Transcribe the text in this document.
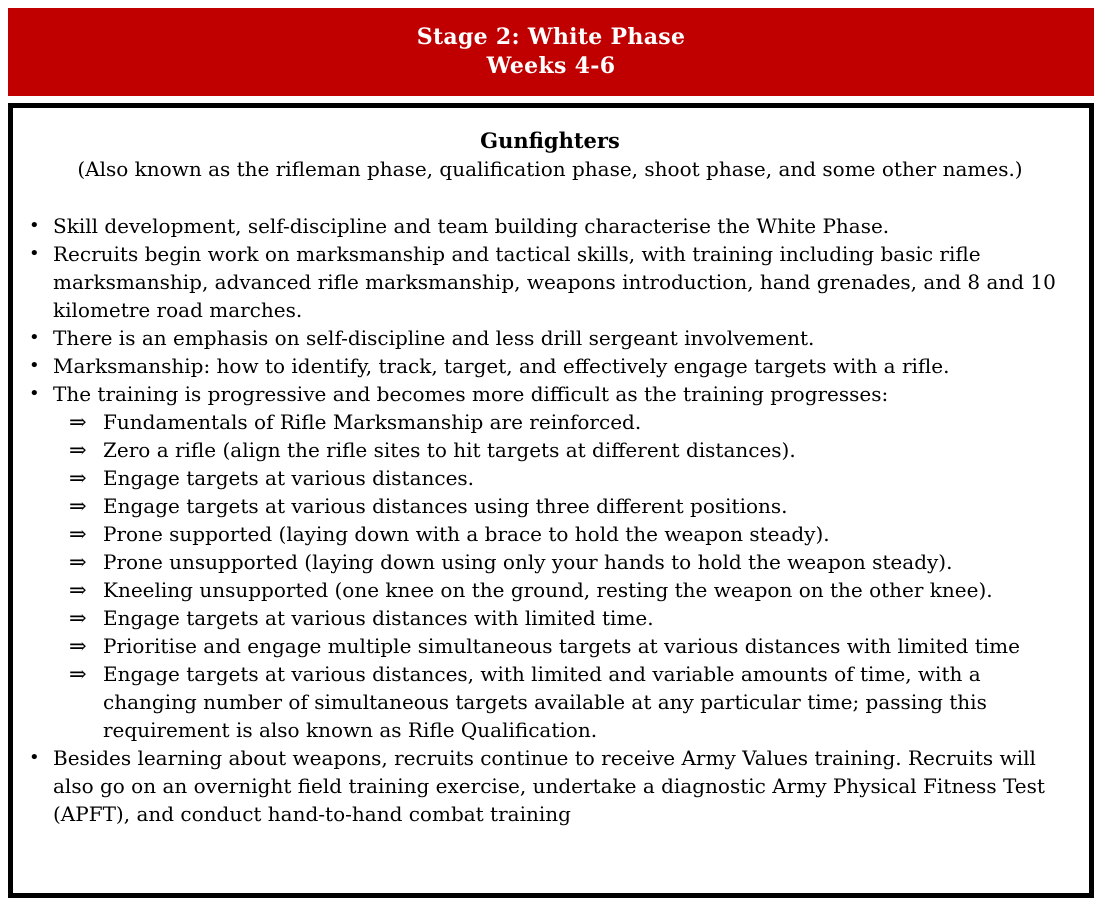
Stage 2: White Phase
Weeks 4-6
Gunfighters

(Also known as the rifleman phase, qualification phase, shoot phase, and some other names.)

• Skill development, self-discipline and team building characterise the White Phase.
• Recruits begin work on marksmanship and tactical skills, with training including basic rifle marksmanship, advanced rifle marksmanship, weapons introduction, hand grenades, and 8 and 10 kilometre road marches.
• There is an emphasis on self-discipline and less drill sergeant involvement.
• Marksmanship: how to identify, track, target, and effectively engage targets with a rifle.
• The training is progressive and becomes more difficult as the training progresses:
⇒ Fundamentals of Rifle Marksmanship are reinforced.
⇒ Zero a rifle (align the rifle sites to hit targets at different distances).
⇒ Engage targets at various distances.
⇒ Engage targets at various distances using three different positions.
⇒ Prone supported (laying down with a brace to hold the weapon steady).
⇒ Prone unsupported (laying down using only your hands to hold the weapon steady).
⇒ Kneeling unsupported (one knee on the ground, resting the weapon on the other knee).
⇒ Engage targets at various distances with limited time.
⇒ Prioritise and engage multiple simultaneous targets at various distances with limited time
⇒ Engage targets at various distances, with limited and variable amounts of time, with a changing number of simultaneous targets available at any particular time; passing this requirement is also known as Rifle Qualification.
• Besides learning about weapons, recruits continue to receive Army Values training. Recruits will also go on an overnight field training exercise, undertake a diagnostic Army Physical Fitness Test (APFT), and conduct hand-to-hand combat training
